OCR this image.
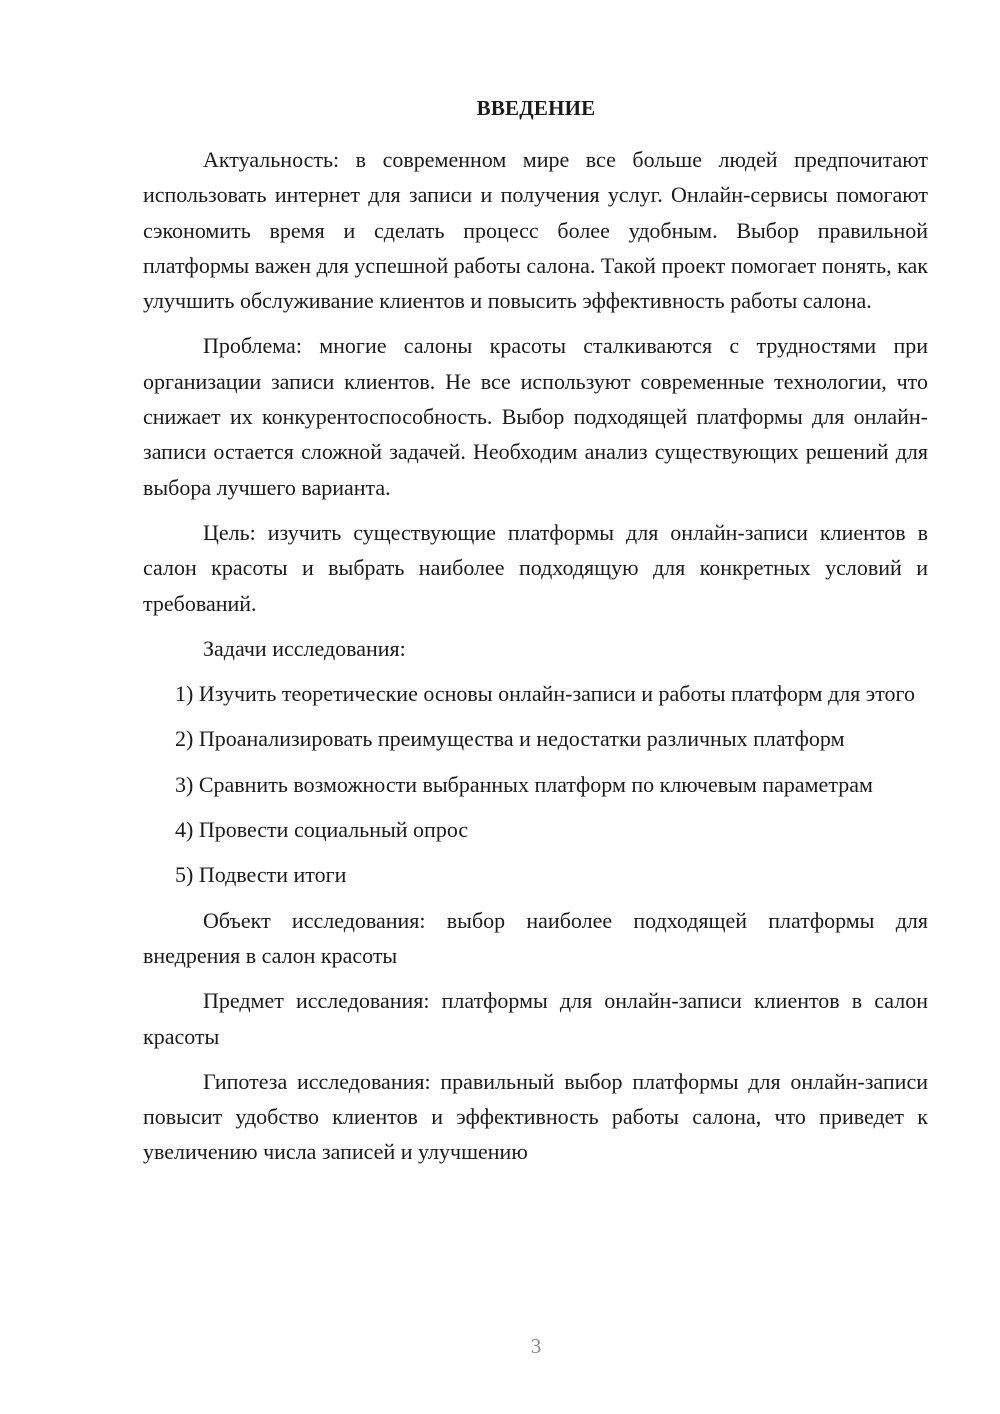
ВВЕДЕНИЕ

Актуальность: в современном мире все больше людей предпочитают использовать интернет для записи и получения услуг. Онлайн-сервисы помогают сэкономить время и сделать процесс более удобным. Выбор правильной платформы важен для успешной работы салона. Такой проект помогает понять, как улучшить обслуживание клиентов и повысить эффективность работы салона.

Проблема: многие салоны красоты сталкиваются с трудностями при организации записи клиентов. Не все используют современные технологии, что снижает их конкурентоспособность. Выбор подходящей платформы для онлайн-записи остается сложной задачей. Необходим анализ существующих решений для выбора лучшего варианта.

Цель: изучить существующие платформы для онлайн-записи клиентов в салон красоты и выбрать наиболее подходящую для конкретных условий и требований.

Задачи исследования:

1) Изучить теоретические основы онлайн-записи и работы платформ для этого

2) Проанализировать преимущества и недостатки различных платформ

3) Сравнить возможности выбранных платформ по ключевым параметрам

4) Провести социальный опрос

5) Подвести итоги

Объект исследования: выбор наиболее подходящей платформы для внедрения в салон красоты

Предмет исследования: платформы для онлайн-записи клиентов в салон красоты

Гипотеза исследования: правильный выбор платформы для онлайн-записи повысит удобство клиентов и эффективность работы салона, что приведет к увеличению числа записей и улучшению

3
